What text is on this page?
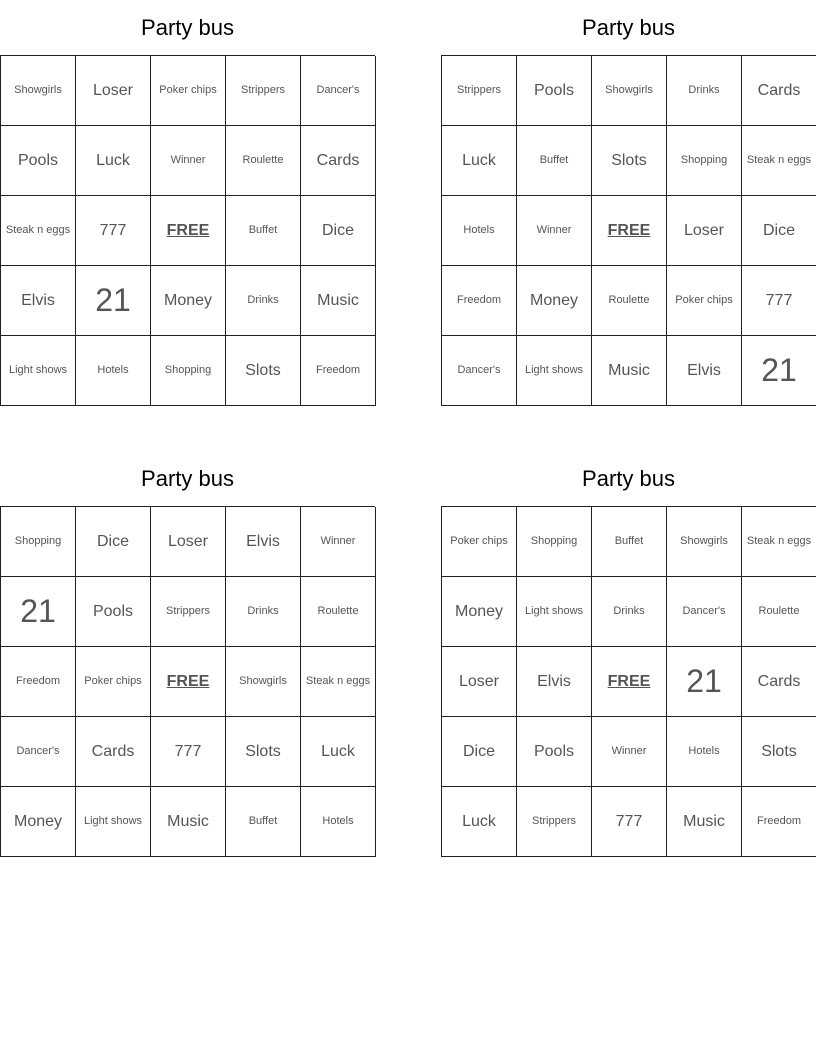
Party bus
Showgirls	Loser	Poker chips	Strippers	Dancer's
Pools	Luck	Winner	Roulette	Cards
Steak n eggs	777	FREE	Buffet	Dice
Elvis	21	Money	Drinks	Music
Light shows	Hotels	Shopping	Slots	Freedom
Party bus
Strippers	Pools	Showgirls	Drinks	Cards
Luck	Buffet	Slots	Shopping	Steak n eggs
Hotels	Winner	FREE	Loser	Dice
Freedom	Money	Roulette	Poker chips	777
Dancer's	Light shows	Music	Elvis	21
Party bus
Shopping	Dice	Loser	Elvis	Winner
21	Pools	Strippers	Drinks	Roulette
Freedom	Poker chips	FREE	Showgirls	Steak n eggs
Dancer's	Cards	777	Slots	Luck
Money	Light shows	Music	Buffet	Hotels
Party bus
Poker chips	Shopping	Buffet	Showgirls	Steak n eggs
Money	Light shows	Drinks	Dancer's	Roulette
Loser	Elvis	FREE	21	Cards
Dice	Pools	Winner	Hotels	Slots
Luck	Strippers	777	Music	Freedom
